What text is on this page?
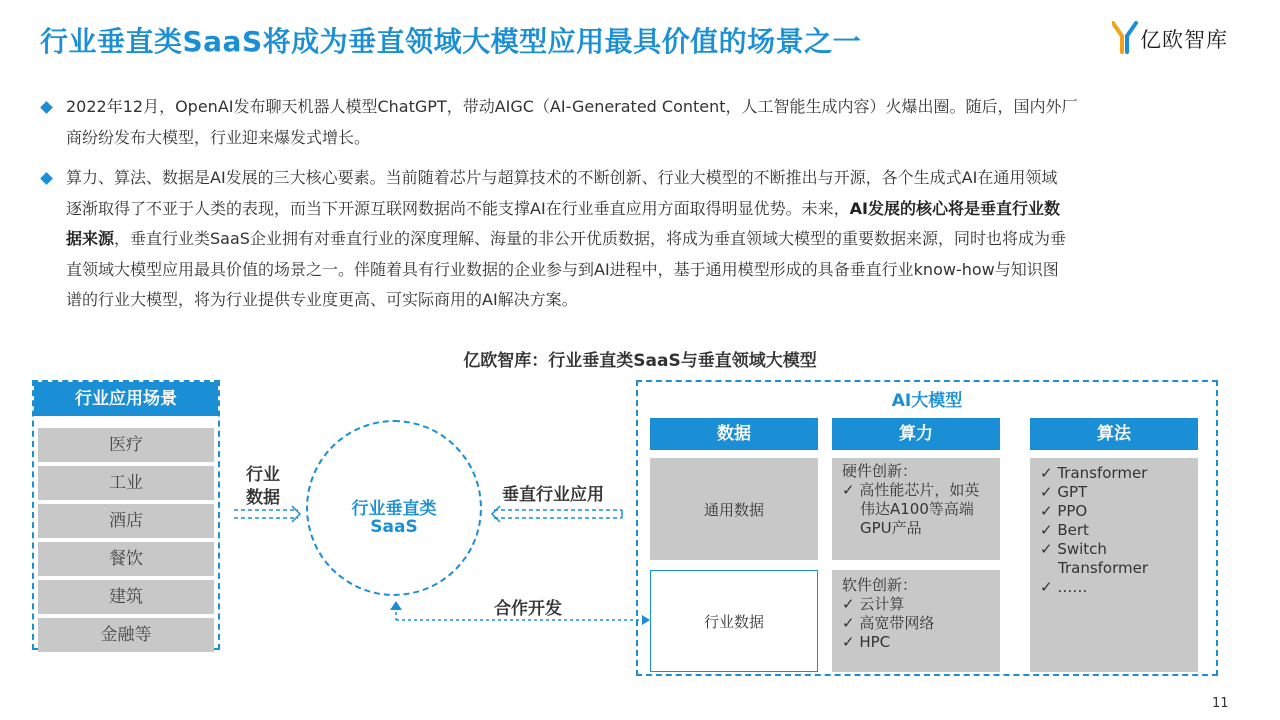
行业垂直类SaaS将成为垂直领域大模型应用最具价值的场景之一	亿欧智库
2022年12月，OpenAI发布聊天机器人模型ChatGPT，带动AIGC（AI-Generated Content，人工智能生成内容）火爆出圈。随后，国内外厂
商纷纷发布大模型，行业迎来爆发式增长。
算力、算法、数据是AI发展的三大核心要素。当前随着芯片与超算技术的不断创新、行业大模型的不断推出与开源，各个生成式AI在通用领域
逐渐取得了不亚于人类的表现，而当下开源互联网数据尚不能支撑AI在行业垂直应用方面取得明显优势。未来，AI发展的核心将是垂直行业数
据来源，垂直行业类SaaS企业拥有对垂直行业的深度理解、海量的非公开优质数据，将成为垂直领域大模型的重要数据来源，同时也将成为垂
直领域大模型应用最具价值的场景之一。伴随着具有行业数据的企业参与到AI进程中，基于通用模型形成的具备垂直行业know-how与知识图
谱的行业大模型，将为行业提供专业度更高、可实际商用的AI解决方案。
亿欧智库：行业垂直类SaaS与垂直领域大模型
行业应用场景
医疗
工业
酒店
餐饮
建筑
金融等
行业
数据
行业垂直类
SaaS
垂直行业应用
合作开发
AI大模型
数据	算力	算法
通用数据
行业数据
硬件创新：
✓ 高性能芯片，如英
伟达A100等高端
GPU产品
软件创新：
✓ 云计算
✓ 高宽带网络
✓ HPC
✓ Transformer
✓ GPT
✓ PPO
✓ Bert
✓ Switch
Transformer
✓ ……
11
